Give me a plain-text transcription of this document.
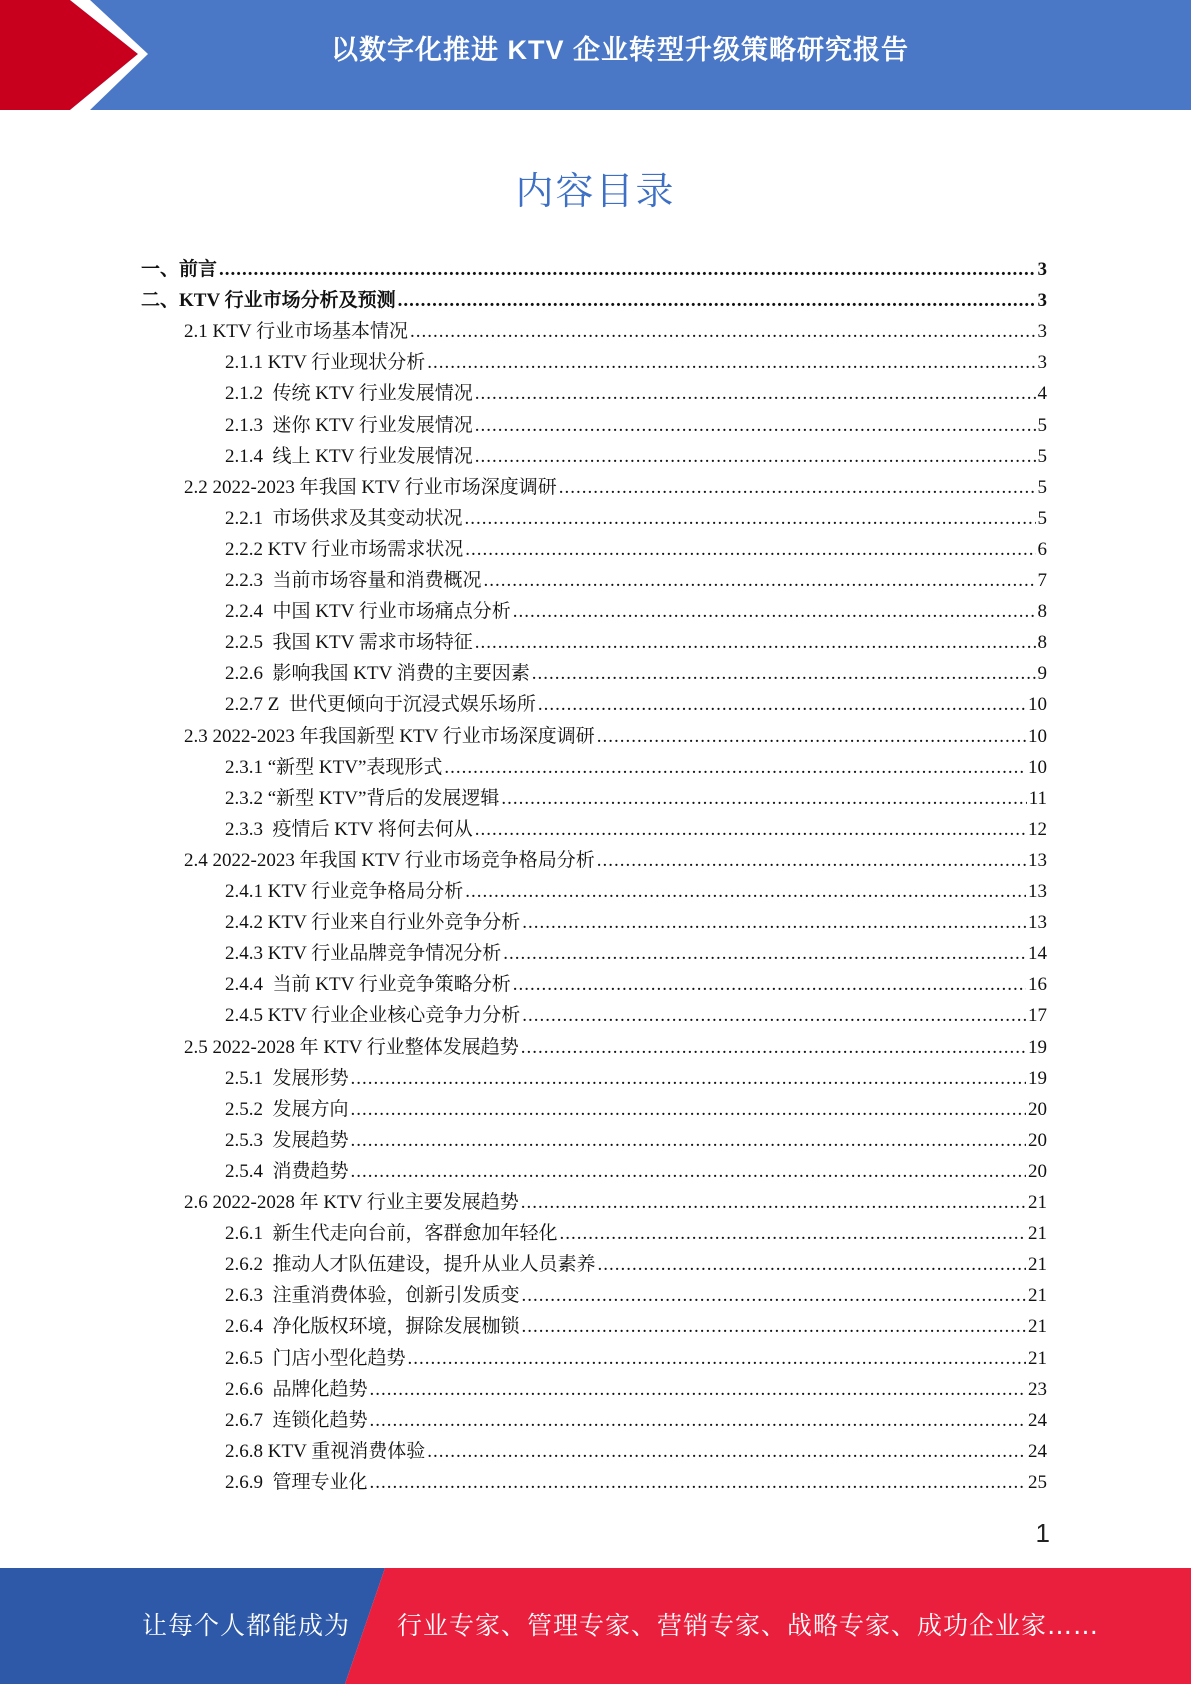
以数字化推进 KTV 企业转型升级策略研究报告
内容目录
一、前言 .....	3
二、KTV 行业市场分析及预测 .....	3
2.1 KTV 行业市场基本情况 .....	3
2.1.1 KTV 行业现状分析 .....	3
2.1.2  传统 KTV 行业发展情况 .....	4
2.1.3  迷你 KTV 行业发展情况 .....	5
2.1.4  线上 KTV 行业发展情况 .....	5
2.2 2022-2023 年我国 KTV 行业市场深度调研 .....	5
2.2.1  市场供求及其变动状况 .....	5
2.2.2 KTV 行业市场需求状况 .....	6
2.2.3  当前市场容量和消费概况 .....	7
2.2.4  中国 KTV 行业市场痛点分析 .....	8
2.2.5  我国 KTV 需求市场特征 .....	8
2.2.6  影响我国 KTV 消费的主要因素 .....	9
2.2.7 Z  世代更倾向于沉浸式娱乐场所 .....	10
2.3 2022-2023 年我国新型 KTV 行业市场深度调研 .....	10
2.3.1 “新型 KTV”表现形式 .....	10
2.3.2 “新型 KTV”背后的发展逻辑 .....	11
2.3.3  疫情后 KTV 将何去何从 .....	12
2.4 2022-2023 年我国 KTV 行业市场竞争格局分析 .....	13
2.4.1 KTV 行业竞争格局分析 .....	13
2.4.2 KTV 行业来自行业外竞争分析 .....	13
2.4.3 KTV 行业品牌竞争情况分析 .....	14
2.4.4  当前 KTV 行业竞争策略分析 .....	16
2.4.5 KTV 行业企业核心竞争力分析 .....	17
2.5 2022-2028 年 KTV 行业整体发展趋势 .....	19
2.5.1  发展形势 .....	19
2.5.2  发展方向 .....	20
2.5.3  发展趋势 .....	20
2.5.4  消费趋势 .....	20
2.6 2022-2028 年 KTV 行业主要发展趋势 .....	21
2.6.1  新生代走向台前，客群愈加年轻化 .....	21
2.6.2  推动人才队伍建设，提升从业人员素养 .....	21
2.6.3  注重消费体验，创新引发质变 .....	21
2.6.4  净化版权环境，摒除发展枷锁 .....	21
2.6.5  门店小型化趋势 .....	21
2.6.6  品牌化趋势 .....	23
2.6.7  连锁化趋势 .....	24
2.6.8 KTV 重视消费体验 .....	24
2.6.9  管理专业化 .....	25
1
让每个人都能成为 行业专家、管理专家、营销专家、战略专家、成功企业家……
